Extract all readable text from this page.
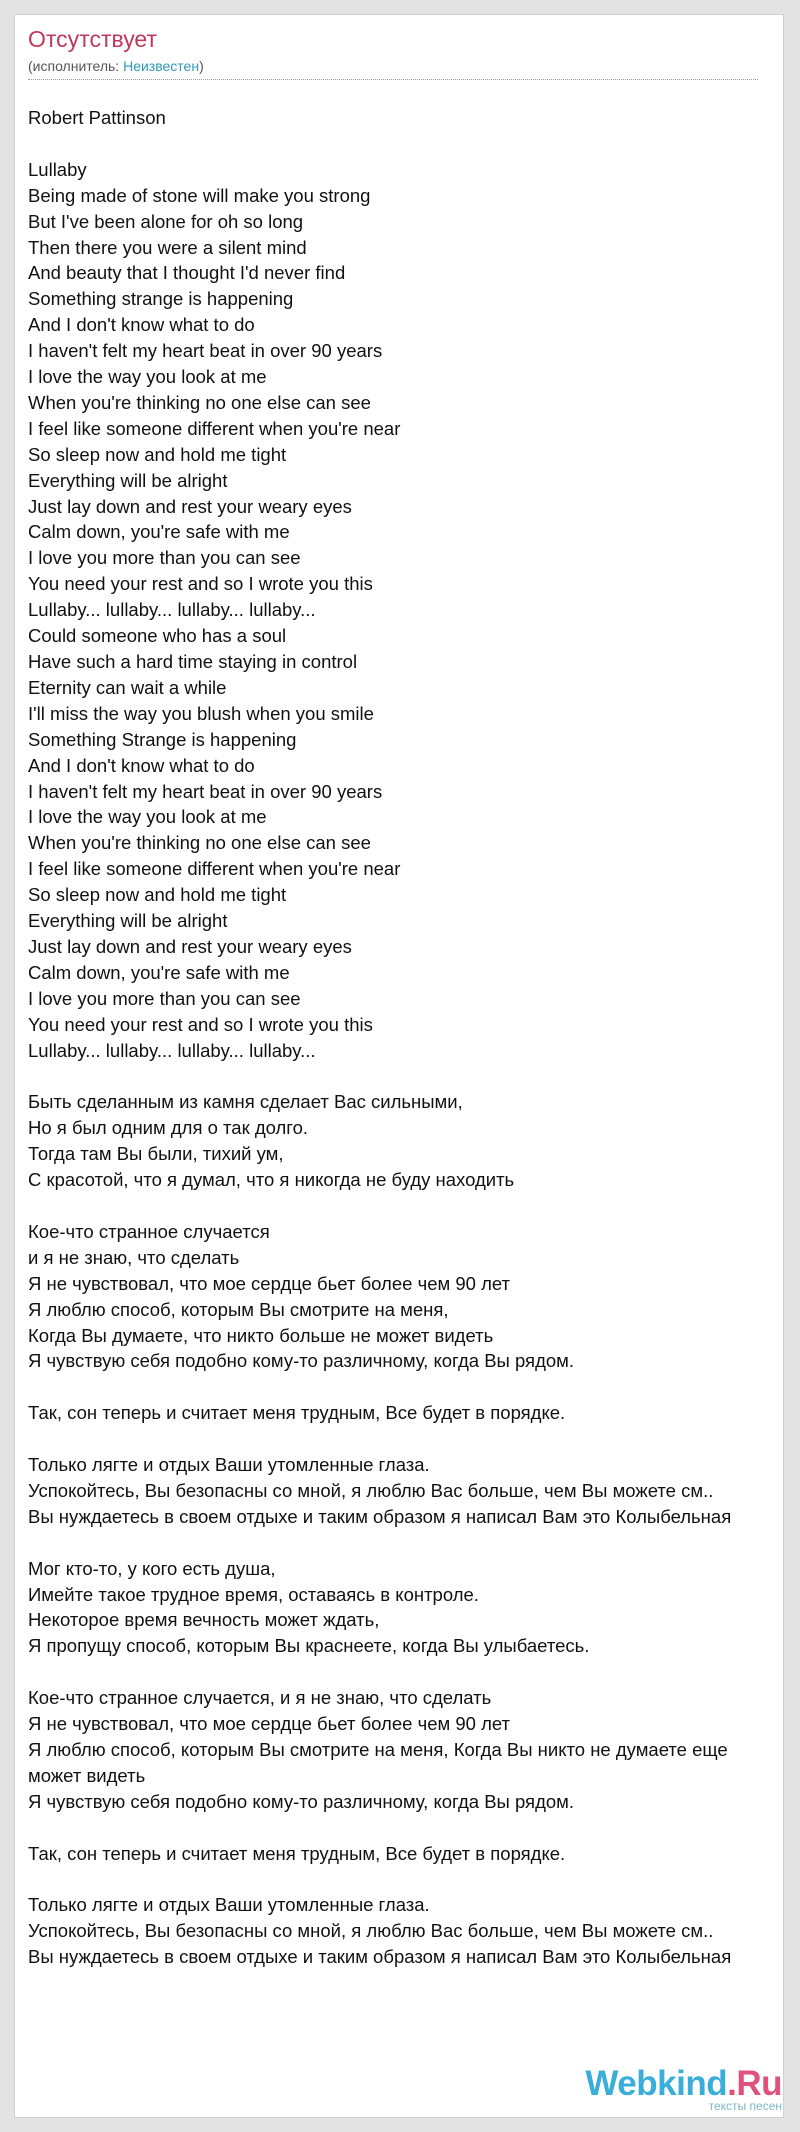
Отсутствует
(исполнитель: Неизвестен)
Robert Pattinson
Lullaby
Being made of stone will make you strong
But I've been alone for oh so long
Then there you were a silent mind
And beauty that I thought I'd never find
Something strange is happening
And I don't know what to do
I haven't felt my heart beat in over 90 years
I love the way you look at me
When you're thinking no one else can see
I feel like someone different when you're near
So sleep now and hold me tight
Everything will be alright
Just lay down and rest your weary eyes
Calm down, you're safe with me
I love you more than you can see
You need your rest and so I wrote you this
Lullaby... lullaby... lullaby... lullaby...
Could someone who has a soul
Have such a hard time staying in control
Eternity can wait a while
I'll miss the way you blush when you smile
Something Strange is happening
And I don't know what to do
I haven't felt my heart beat in over 90 years
I love the way you look at me
When you're thinking no one else can see
I feel like someone different when you're near
So sleep now and hold me tight
Everything will be alright
Just lay down and rest your weary eyes
Calm down, you're safe with me
I love you more than you can see
You need your rest and so I wrote you this
Lullaby... lullaby... lullaby... lullaby...
Быть сделанным из камня сделает Вас сильными,
Но я был одним для о так долго.
Тогда там Вы были, тихий ум,
С красотой, что я думал, что я никогда не буду находить
Кое-что странное случается
и я не знаю, что сделать
Я не чувствовал, что мое сердце бьет более чем 90 лет
Я люблю способ, которым Вы смотрите на меня,
Когда Вы думаете, что никто больше не может видеть
Я чувствую себя подобно кому-то различному, когда Вы рядом.
Так, сон теперь и считает меня трудным, Все будет в порядке.
Только лягте и отдых Ваши утомленные глаза.
Успокойтесь, Вы безопасны со мной, я люблю Вас больше, чем Вы можете см..
Вы нуждаетесь в своем отдыхе и таким образом я написал Вам это Колыбельная
Мог кто-то, у кого есть душа,
Имейте такое трудное время, оставаясь в контроле.
Некоторое время вечность может ждать,
Я пропущу способ, которым Вы краснеете, когда Вы улыбаетесь.
Кое-что странное случается, и я не знаю, что сделать
Я не чувствовал, что мое сердце бьет более чем 90 лет
Я люблю способ, которым Вы смотрите на меня, Когда Вы никто не думаете еще может видеть
Я чувствую себя подобно кому-то различному, когда Вы рядом.
Так, сон теперь и считает меня трудным, Все будет в порядке.
Только лягте и отдых Ваши утомленные глаза.
Успокойтесь, Вы безопасны со мной, я люблю Вас больше, чем Вы можете см..
Вы нуждаетесь в своем отдыхе и таким образом я написал Вам это Колыбельная
Webkind.Ru
тексты песен
